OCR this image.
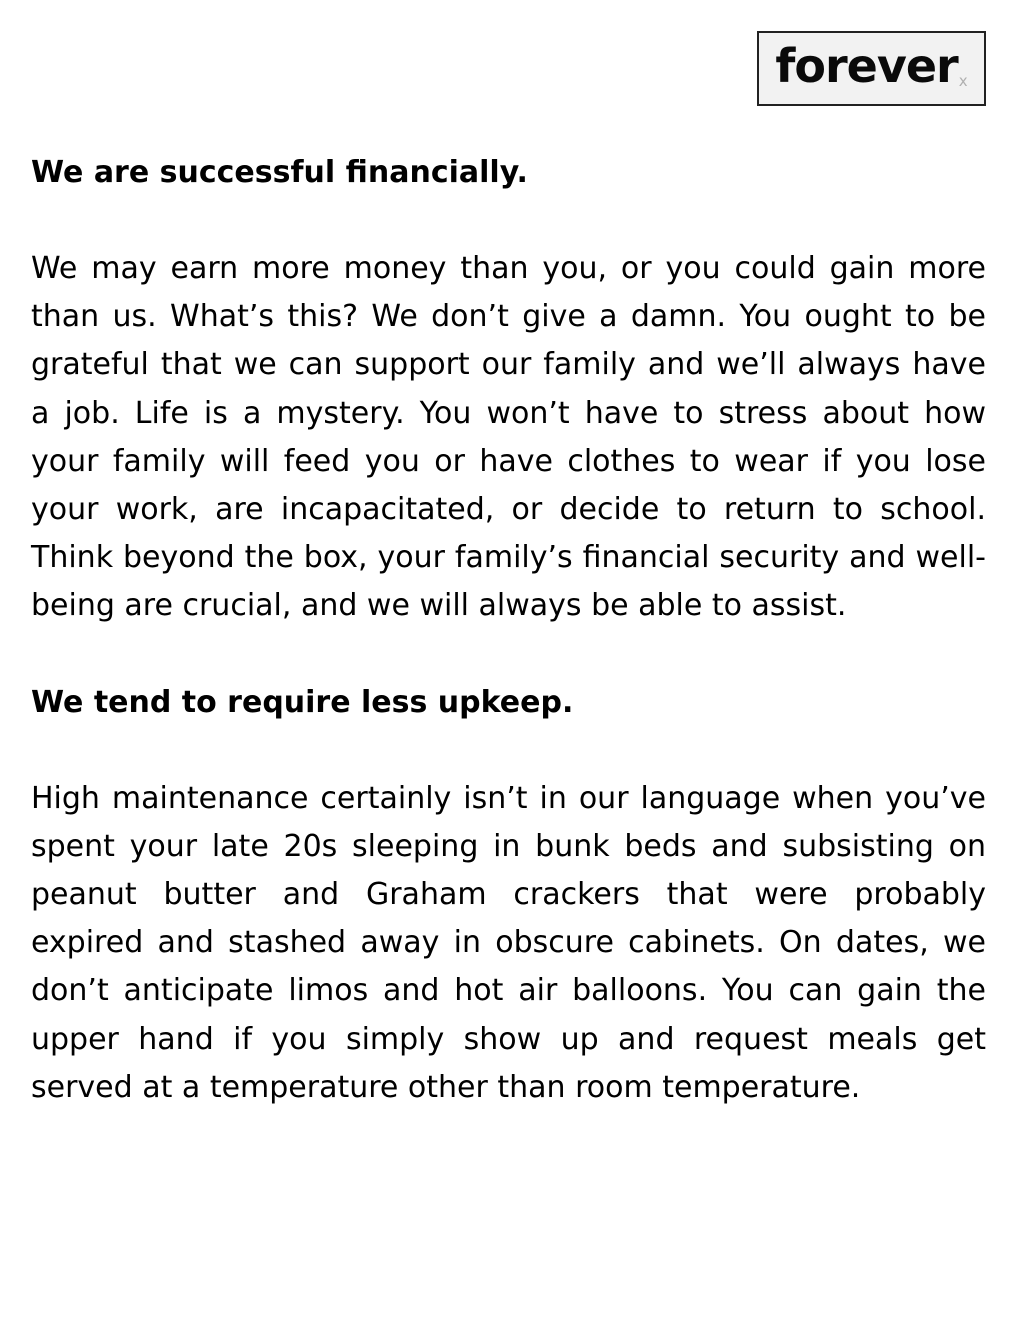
forever x

We are successful financially.

We may earn more money than you, or you could gain more than us. What’s this? We don’t give a damn. You ought to be grateful that we can support our family and we’ll always have a job. Life is a mystery. You won’t have to stress about how your family will feed you or have clothes to wear if you lose your work, are incapacitated, or decide to return to school. Think beyond the box, your family’s financial security and well-being are crucial, and we will always be able to assist.

We tend to require less upkeep.

High maintenance certainly isn’t in our language when you’ve spent your late 20s sleeping in bunk beds and subsisting on peanut butter and Graham crackers that were probably expired and stashed away in obscure cabinets. On dates, we don’t anticipate limos and hot air balloons. You can gain the upper hand if you simply show up and request meals get served at a temperature other than room temperature.
